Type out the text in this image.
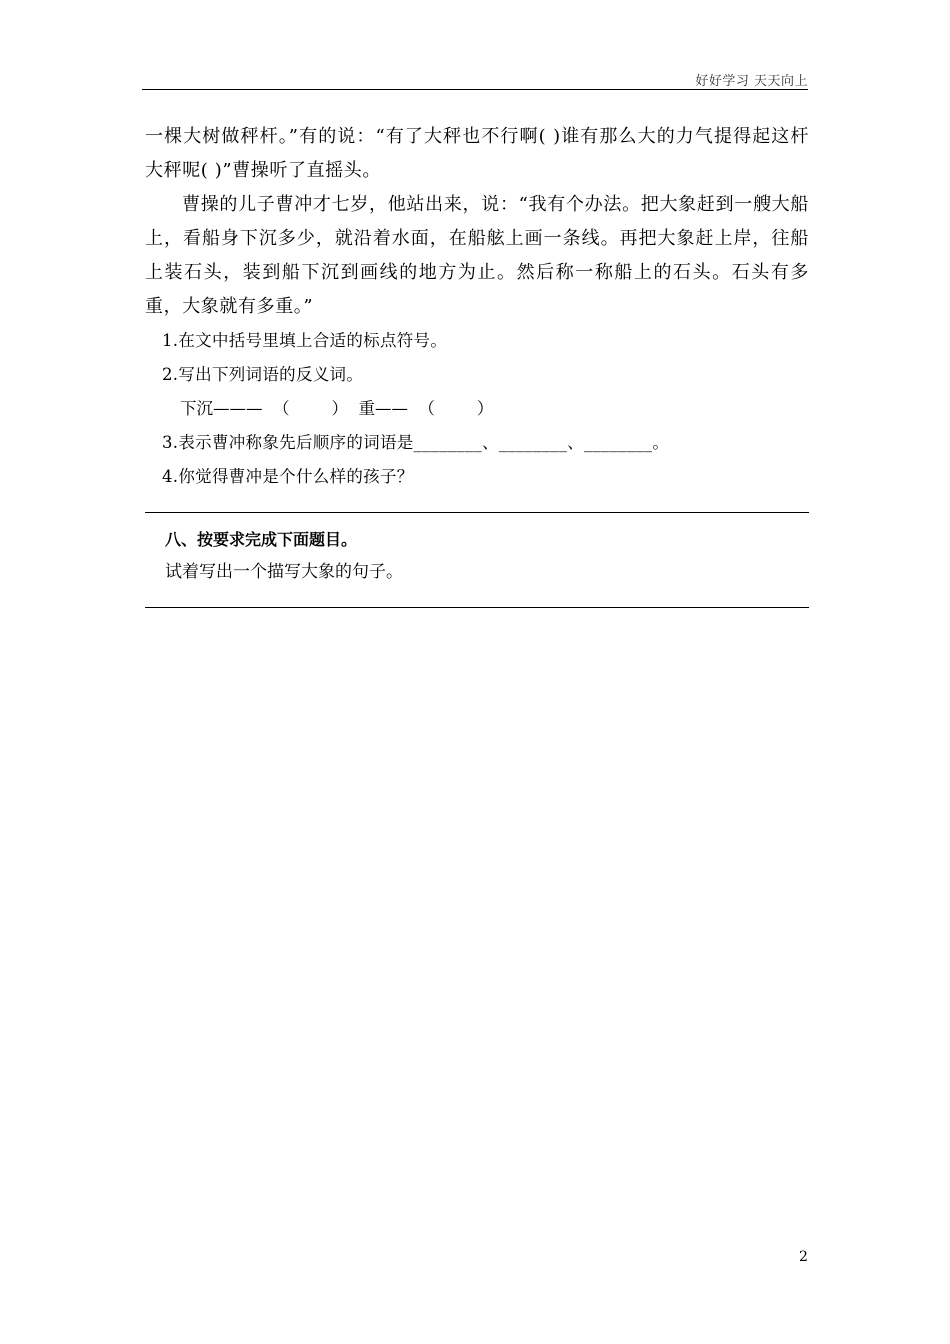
好好学习 天天向上

一棵大树做秤杆。”有的说：“有了大秤也不行啊( )谁有那么大的力气提得起这杆大秤呢( )”曹操听了直摇头。

曹操的儿子曹冲才七岁，他站出来，说：“我有个办法。把大象赶到一艘大船上，看船身下沉多少，就沿着水面，在船舷上画一条线。再把大象赶上岸，往船上装石头，装到船下沉到画线的地方为止。然后称一称船上的石头。石头有多重，大象就有多重。”

1.在文中括号里填上合适的标点符号。

2.写出下列词语的反义词。

下沉———  （        ）  重——  （        ）

3.表示曹冲称象先后顺序的词语是________、________、________。

4.你觉得曹冲是个什么样的孩子？

八、按要求完成下面题目。

试着写出一个描写大象的句子。

2
